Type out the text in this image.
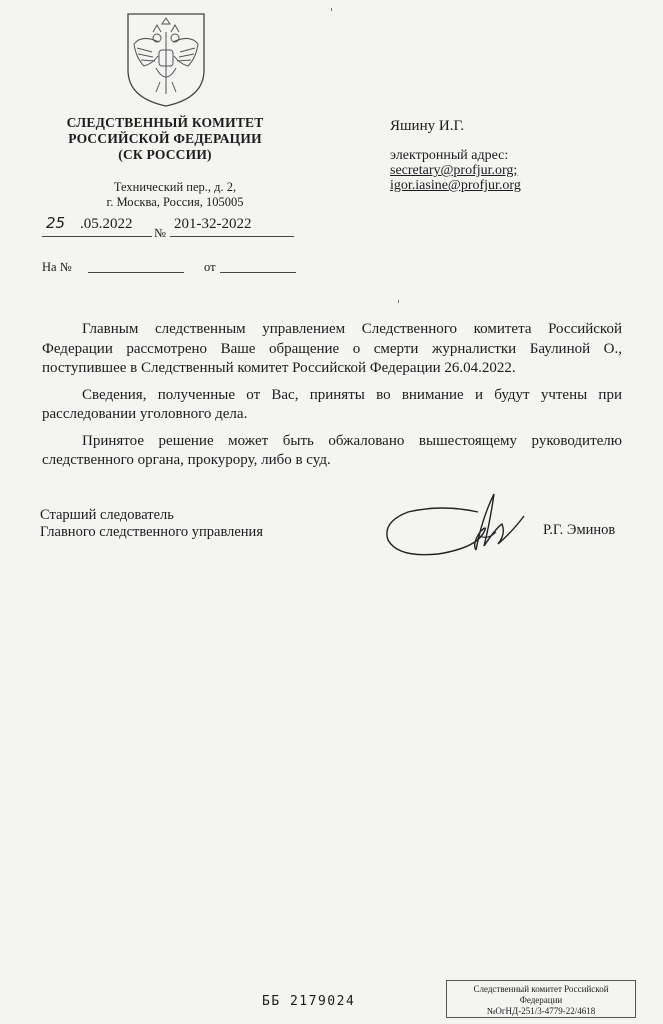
СЛЕДСТВЕННЫЙ КОМИТЕТ
РОССИЙСКОЙ ФЕДЕРАЦИИ
(СК РОССИИ)
Технический пер., д. 2,
г. Москва, Россия, 105005
25 .05.2022
№
201-32-2022
На №	от
Яшину И.Г.
электронный адрес:
secretary@profjur.org;
igor.iasine@profjur.org

Главным следственным управлением Следственного комитета Российской Федерации рассмотрено Ваше обращение о смерти журналистки Баулиной О., поступившее в Следственный комитет Российской Федерации 26.04.2022.

Сведения, полученные от Вас, приняты во внимание и будут учтены при расследовании уголовного дела.

Принятое решение может быть обжаловано вышестоящему руководителю следственного органа, прокурору, либо в суд.

Старший следователь
Главного следственного управления	Р.Г. Эминов
ББ 2179024
Следственный комитет Российской
Федерации
№ОгНД-251/3-4779-22/4618
